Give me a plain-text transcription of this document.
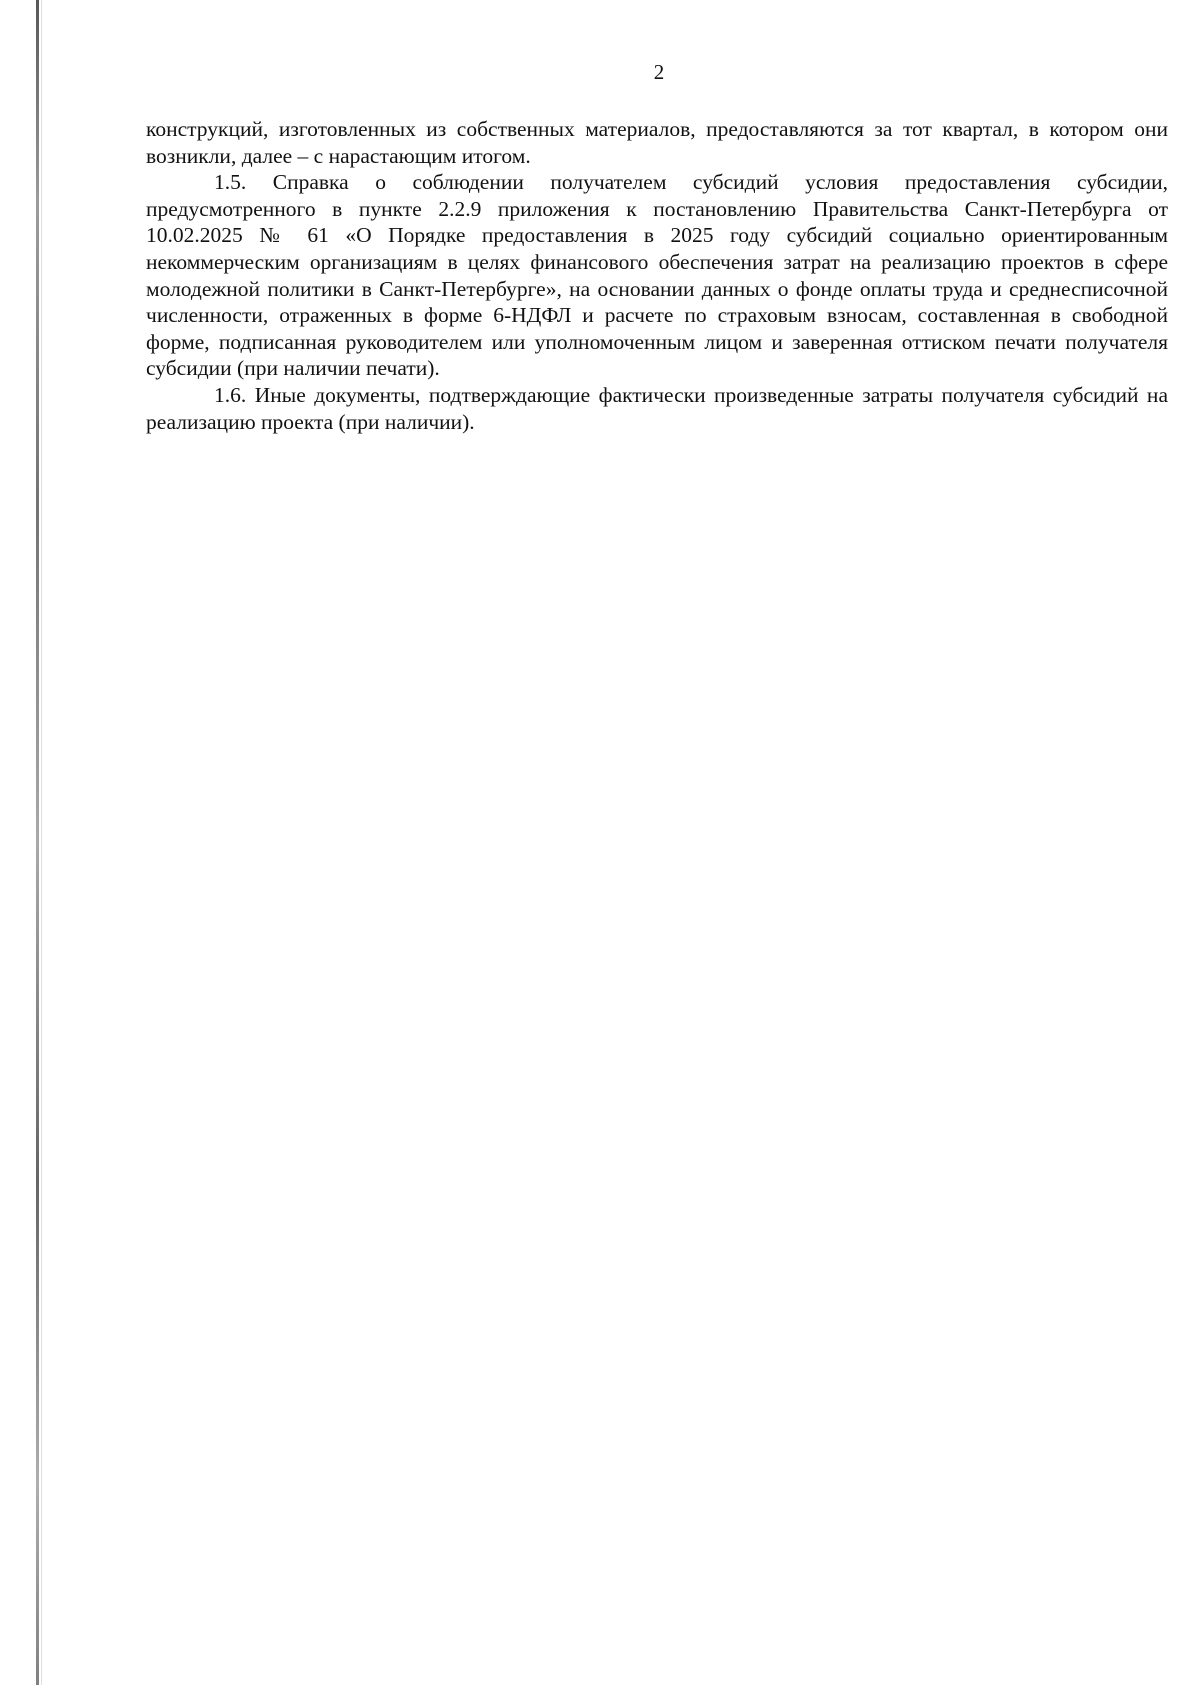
2

конструкций, изготовленных из собственных материалов, предоставляются за тот квартал, в котором они возникли, далее – с нарастающим итогом.

1.5. Справка о соблюдении получателем субсидий условия предоставления субсидии, предусмотренного в пункте 2.2.9 приложения к постановлению Правительства Санкт-Петербурга от 10.02.2025 № 61 «О Порядке предоставления в 2025 году субсидий социально ориентированным некоммерческим организациям в целях финансового обеспечения затрат на реализацию проектов в сфере молодежной политики в Санкт-Петербурге», на основании данных о фонде оплаты труда и среднесписочной численности, отраженных в форме 6-НДФЛ и расчете по страховым взносам, составленная в свободной форме, подписанная руководителем или уполномоченным лицом и заверенная оттиском печати получателя субсидии (при наличии печати).

1.6. Иные документы, подтверждающие фактически произведенные затраты получателя субсидий на реализацию проекта (при наличии).
